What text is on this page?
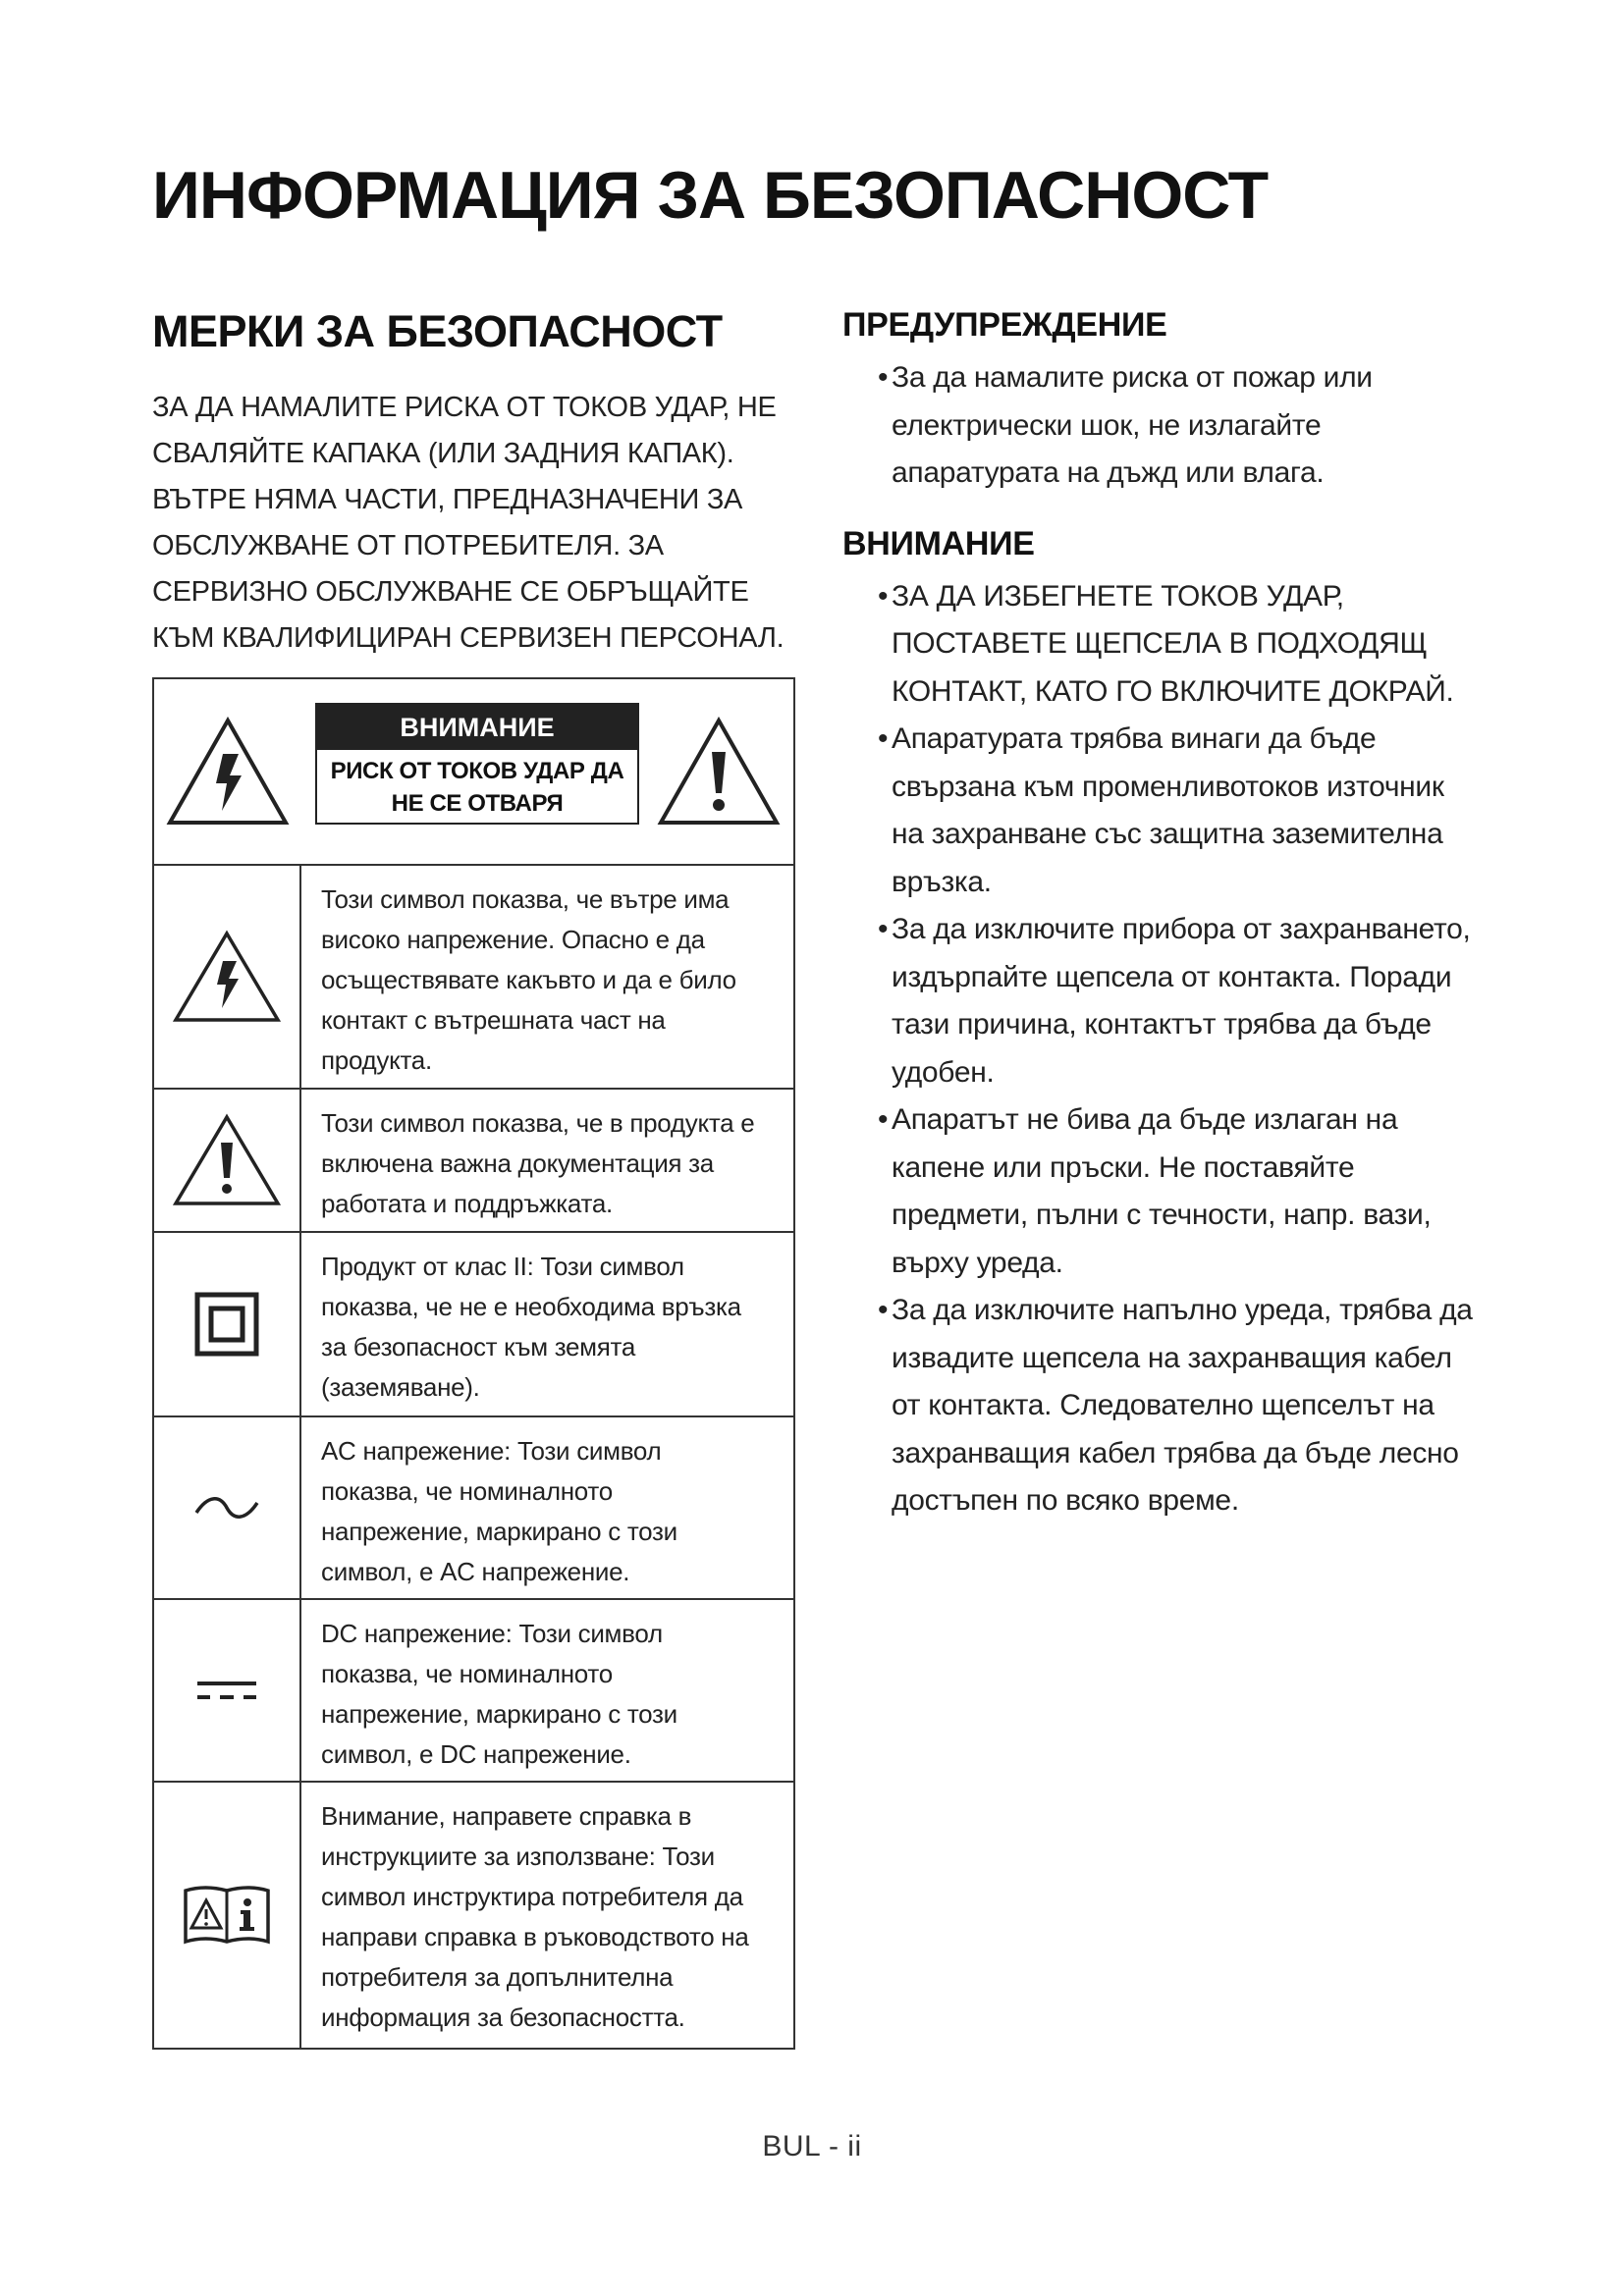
ИНФОРМАЦИЯ ЗА БЕЗОПАСНОСТ
МЕРКИ ЗА БЕЗОПАСНОСТ
ЗА ДА НАМАЛИТЕ РИСКА ОТ ТОКОВ УДАР, НЕ
СВАЛЯЙТЕ КАПАКА (ИЛИ ЗАДНИЯ КАПАК).
ВЪТРЕ НЯМА ЧАСТИ, ПРЕДНАЗНАЧЕНИ ЗА
ОБСЛУЖВАНЕ ОТ ПОТРЕБИТЕЛЯ. ЗА
СЕРВИЗНО ОБСЛУЖВАНЕ СЕ ОБРЪЩАЙТЕ
КЪМ КВАЛИФИЦИРАН СЕРВИЗЕН ПЕРСОНАЛ.
ВНИМАНИЕ
РИСК ОТ ТОКОВ УДАР ДА
НЕ СЕ ОТВАРЯ
Този символ показва, че вътре има
високо напрежение. Опасно е да
осъществявате какъвто и да е било
контакт с вътрешната част на
продукта.
Този символ показва, че в продукта е
включена важна документация за
работата и поддръжката.
Продукт от клас II: Този символ
показва, че не е необходима връзка
за безопасност към земята
(заземяване).
AC напрежение: Този символ
показва, че номиналното
напрежение, маркирано с този
символ, е AC напрежение.
DC напрежение: Този символ
показва, че номиналното
напрежение, маркирано с този
символ, е DC напрежение.
Внимание, направете справка в
инструкциите за използване: Този
символ инструктира потребителя да
направи справка в ръководството на
потребителя за допълнителна
информация за безопасността.
ПРЕДУПРЕЖДЕНИЕ
• За да намалите риска от пожар или
електрически шок, не излагайте
апаратурата на дъжд или влага.
ВНИМАНИЕ
• ЗА ДА ИЗБЕГНЕТЕ ТОКОВ УДАР,
ПОСТАВЕТЕ ЩЕПСЕЛА В ПОДХОДЯЩ
КОНТАКТ, КАТО ГО ВКЛЮЧИТЕ ДОКРАЙ.
• Апаратурата трябва винаги да бъде
свързана към променливотоков източник
на захранване със защитна заземителна
връзка.
• За да изключите прибора от захранването,
издърпайте щепсела от контакта. Поради
тази причина, контактът трябва да бъде
удобен.
• Апаратът не бива да бъде излаган на
капене или пръски. Не поставяйте
предмети, пълни с течности, напр. вази,
върху уреда.
• За да изключите напълно уреда, трябва да
извадите щепсела на захранващия кабел
от контакта. Следователно щепселът на
захранващия кабел трябва да бъде лесно
достъпен по всяко време.
BUL - ii
